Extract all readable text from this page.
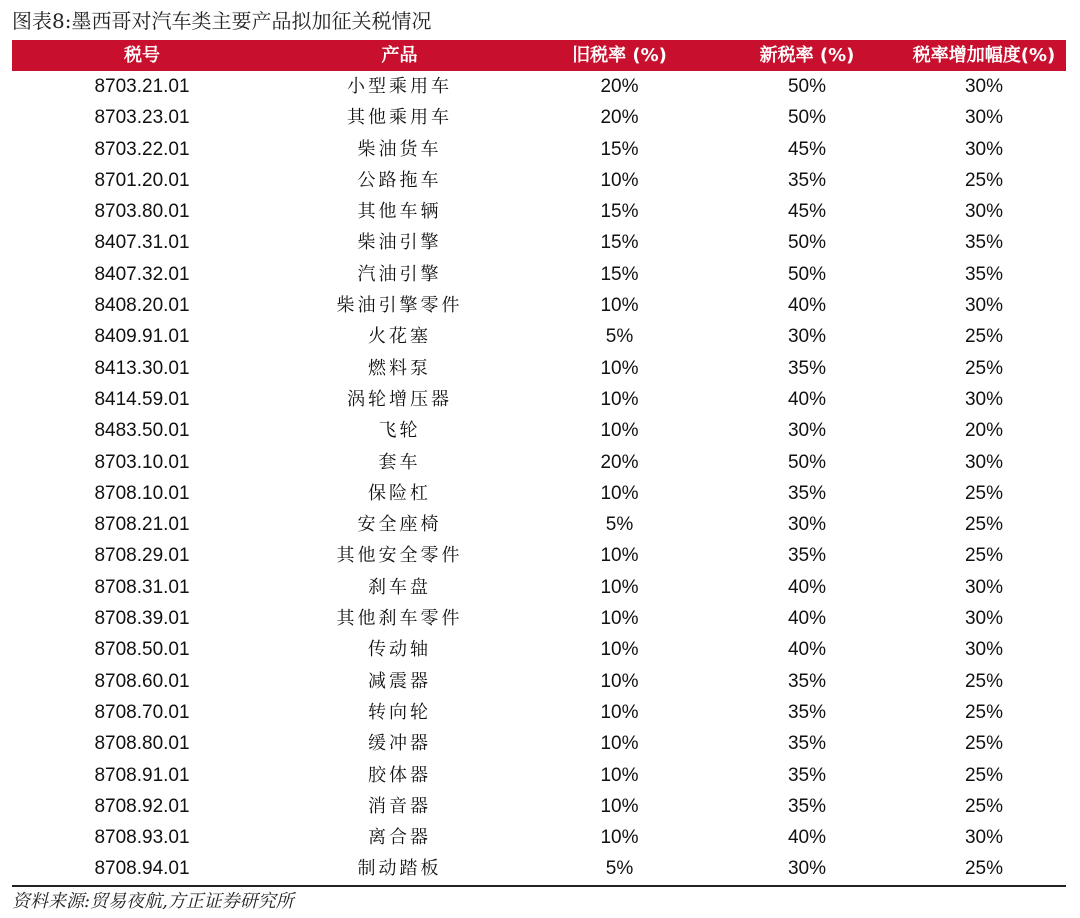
图表8:墨西哥对汽车类主要产品拟加征关税情况
税号	产品	旧税率 (%)	新税率 (%)	税率增加幅度(%)
8703.21.01	小型乘用车	20%	50%	30%
8703.23.01	其他乘用车	20%	50%	30%
8703.22.01	柴油货车	15%	45%	30%
8701.20.01	公路拖车	10%	35%	25%
8703.80.01	其他车辆	15%	45%	30%
8407.31.01	柴油引擎	15%	50%	35%
8407.32.01	汽油引擎	15%	50%	35%
8408.20.01	柴油引擎零件	10%	40%	30%
8409.91.01	火花塞	5%	30%	25%
8413.30.01	燃料泵	10%	35%	25%
8414.59.01	涡轮增压器	10%	40%	30%
8483.50.01	飞轮	10%	30%	20%
8703.10.01	套车	20%	50%	30%
8708.10.01	保险杠	10%	35%	25%
8708.21.01	安全座椅	5%	30%	25%
8708.29.01	其他安全零件	10%	35%	25%
8708.31.01	刹车盘	10%	40%	30%
8708.39.01	其他刹车零件	10%	40%	30%
8708.50.01	传动轴	10%	40%	30%
8708.60.01	减震器	10%	35%	25%
8708.70.01	转向轮	10%	35%	25%
8708.80.01	缓冲器	10%	35%	25%
8708.91.01	胶体器	10%	35%	25%
8708.92.01	消音器	10%	35%	25%
8708.93.01	离合器	10%	40%	30%
8708.94.01	制动踏板	5%	30%	25%
资料来源:贸易夜航,方正证券研究所
